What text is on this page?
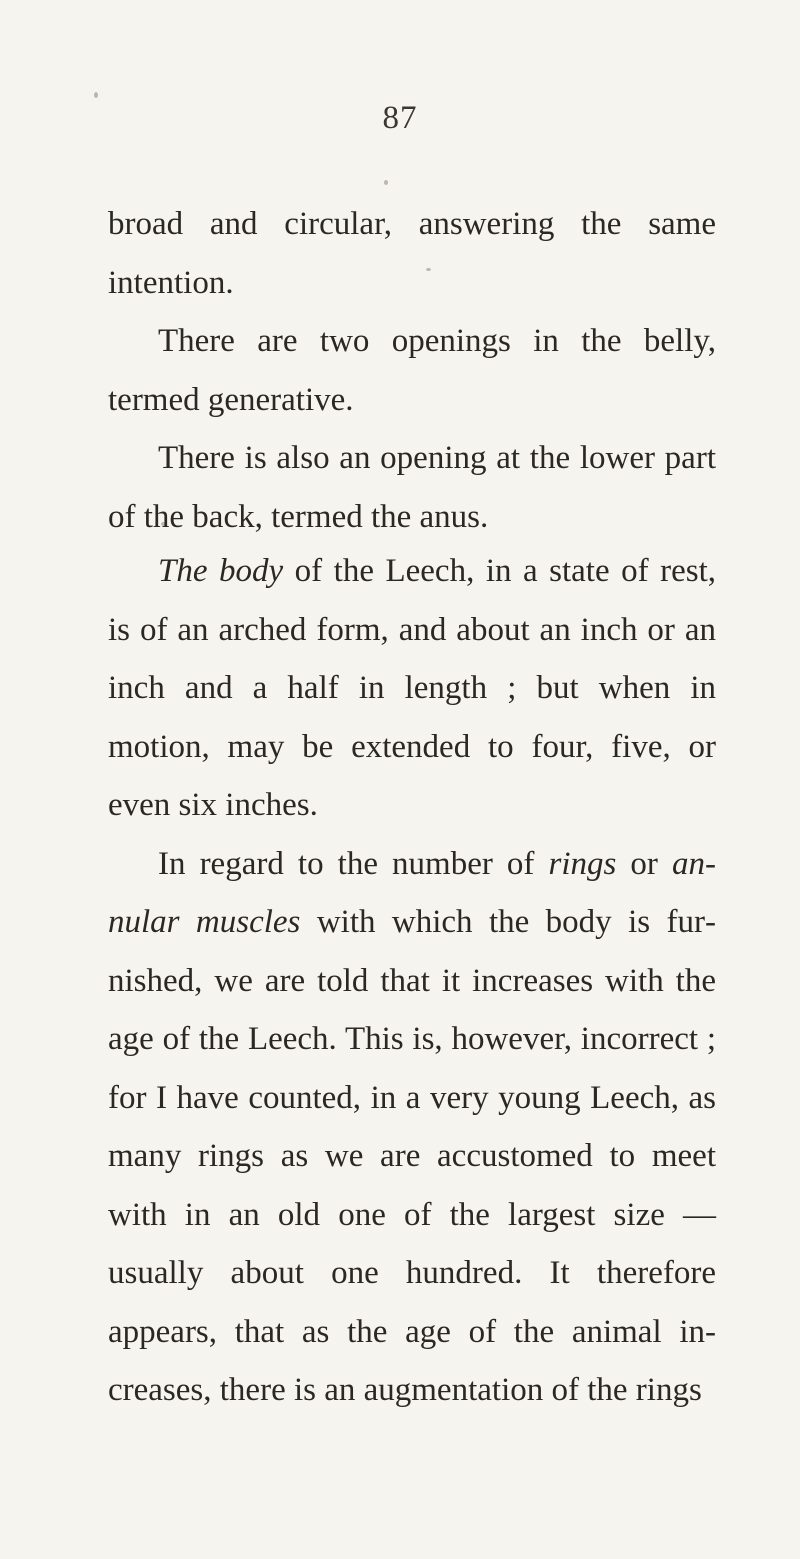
87

broad and circular, answering the same intention.

There are two openings in the belly, termed generative.

There is also an opening at the lower part of the back, termed the anus.

The body of the Leech, in a state of rest, is of an arched form, and about an inch or an inch and a half in length ; but when in motion, may be extended to four, five, or even six inches.

In regard to the number of rings or annular muscles with which the body is furnished, we are told that it increases with the age of the Leech. This is, however, incorrect ; for I have counted, in a very young Leech, as many rings as we are accustomed to meet with in an old one of the largest size —usually about one hundred. It therefore appears, that as the age of the animal increases, there is an augmentation of the rings
